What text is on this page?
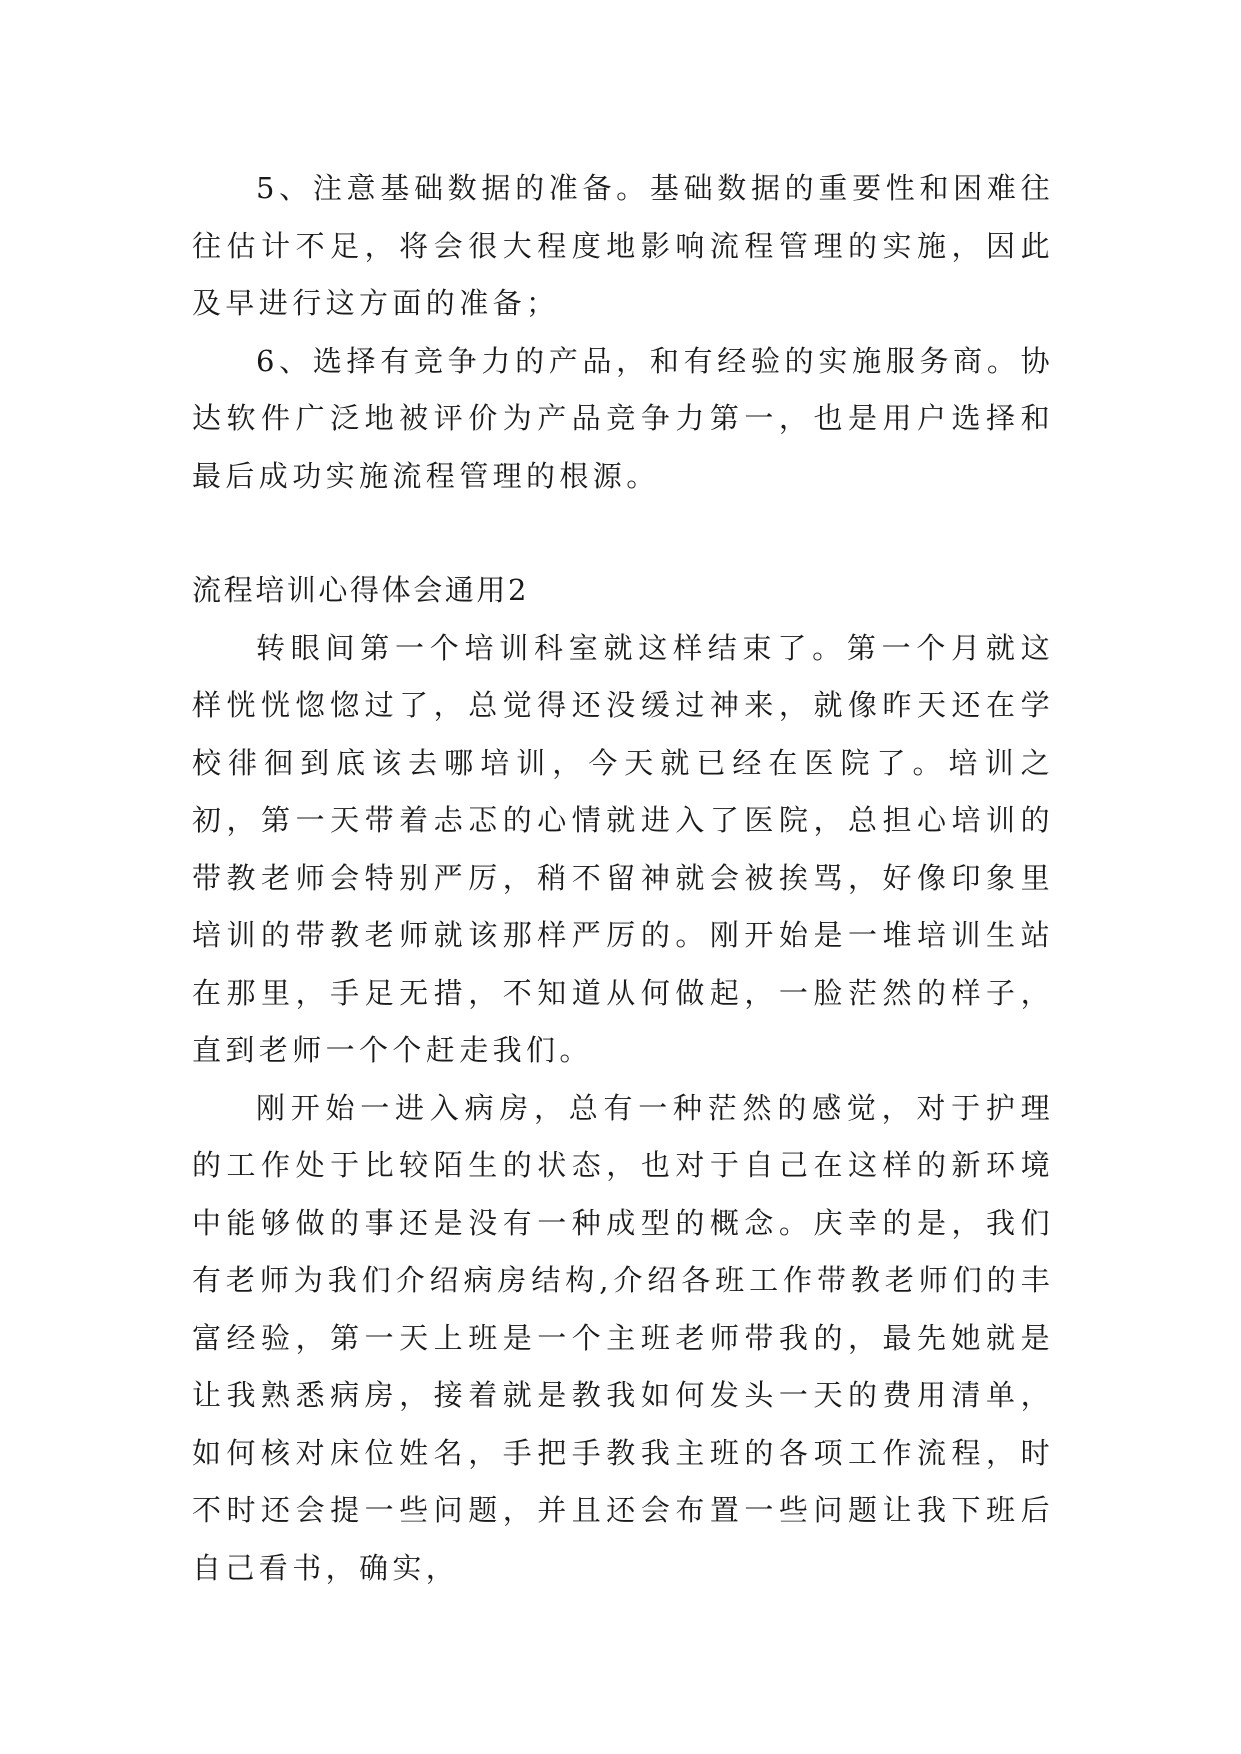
5、注意基础数据的准备。基础数据的重要性和困难往往估计不足，将会很大程度地影响流程管理的实施，因此及早进行这方面的准备；

6、选择有竞争力的产品，和有经验的实施服务商。协达软件广泛地被评价为产品竞争力第一，也是用户选择和最后成功实施流程管理的根源。

流程培训心得体会通用2

转眼间第一个培训科室就这样结束了。第一个月就这样恍恍惚惚过了，总觉得还没缓过神来，就像昨天还在学校徘徊到底该去哪培训，今天就已经在医院了。培训之初，第一天带着忐忑的心情就进入了医院，总担心培训的带教老师会特别严厉，稍不留神就会被挨骂，好像印象里培训的带教老师就该那样严厉的。刚开始是一堆培训生站在那里，手足无措，不知道从何做起，一脸茫然的样子，直到老师一个个赶走我们。

刚开始一进入病房，总有一种茫然的感觉，对于护理的工作处于比较陌生的状态，也对于自己在这样的新环境中能够做的事还是没有一种成型的概念。庆幸的是，我们有老师为我们介绍病房结构,介绍各班工作带教老师们的丰富经验，第一天上班是一个主班老师带我的，最先她就是让我熟悉病房，接着就是教我如何发头一天的费用清单，如何核对床位姓名，手把手教我主班的各项工作流程，时不时还会提一些问题，并且还会布置一些问题让我下班后自己看书，确实，
